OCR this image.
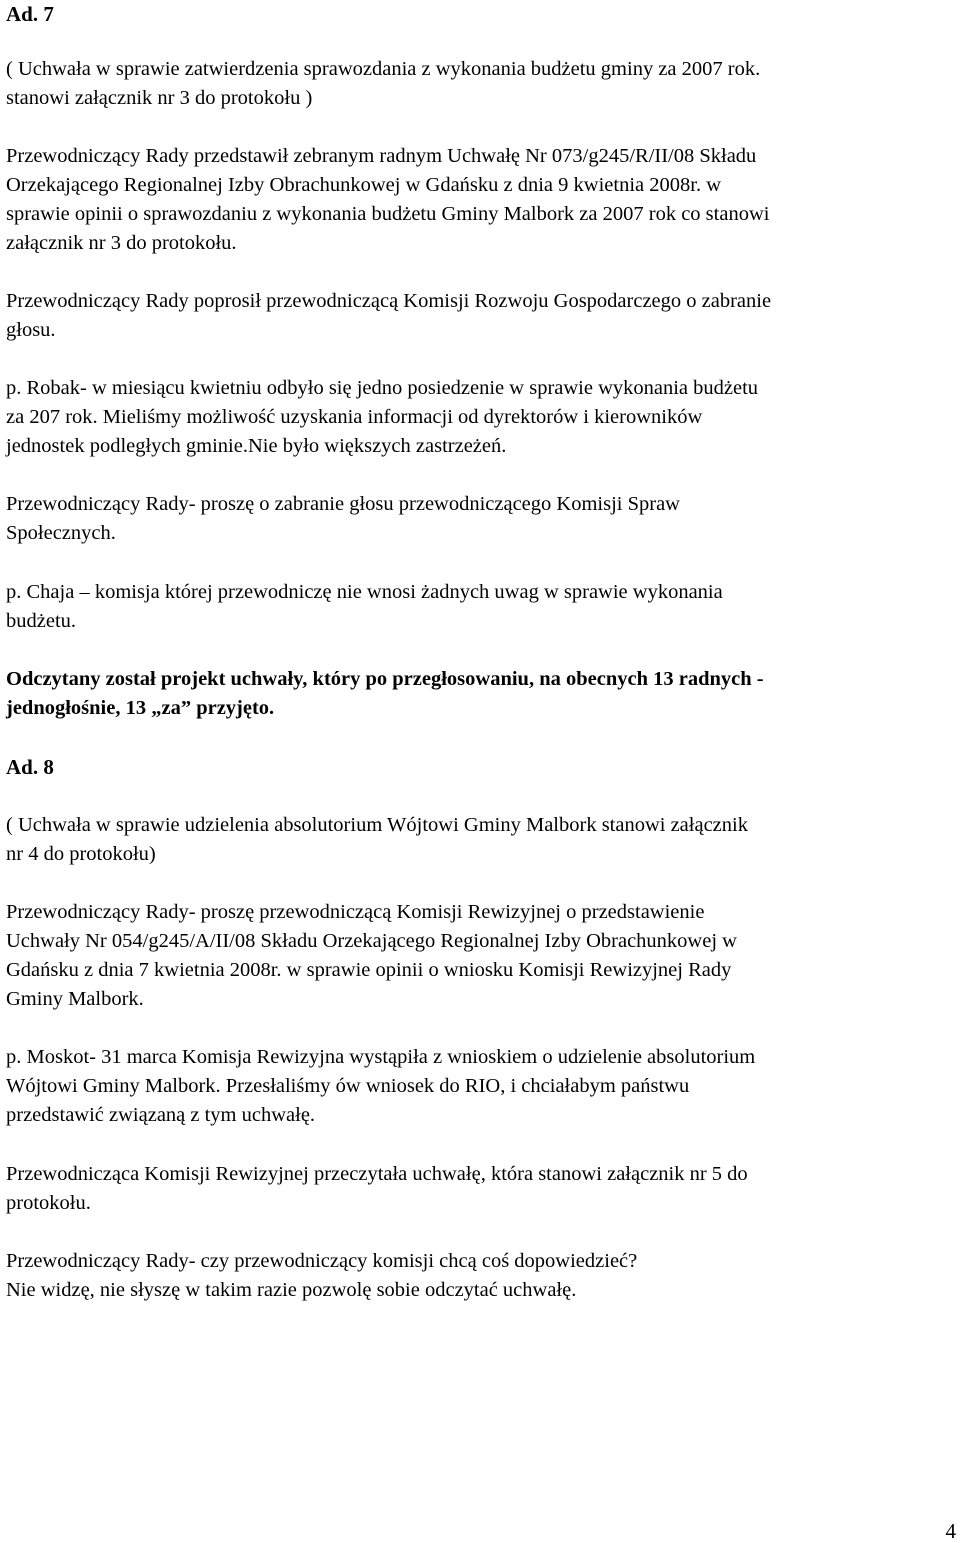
Ad. 7
( Uchwała w sprawie zatwierdzenia sprawozdania z wykonania budżetu gminy za 2007 rok.
stanowi załącznik nr 3 do protokołu )
Przewodniczący Rady przedstawił zebranym radnym Uchwałę Nr 073/g245/R/II/08 Składu
Orzekającego Regionalnej Izby Obrachunkowej w Gdańsku z dnia 9 kwietnia 2008r. w
sprawie opinii o sprawozdaniu z wykonania budżetu Gminy Malbork za 2007 rok co stanowi
załącznik nr 3 do protokołu.
Przewodniczący Rady poprosił przewodniczącą Komisji Rozwoju Gospodarczego o zabranie
głosu.
p. Robak- w miesiącu kwietniu odbyło się jedno posiedzenie w sprawie wykonania budżetu
za 207 rok. Mieliśmy możliwość uzyskania informacji od dyrektorów i kierowników
jednostek podległych gminie.Nie było większych zastrzeżeń.
Przewodniczący Rady- proszę o zabranie głosu przewodniczącego Komisji Spraw
Społecznych.
p. Chaja – komisja której przewodniczę nie wnosi żadnych uwag w sprawie wykonania
budżetu.
Odczytany został projekt uchwały, który po przegłosowaniu, na obecnych 13 radnych -
jednogłośnie, 13 „za” przyjęto.
Ad. 8
( Uchwała w sprawie udzielenia absolutorium Wójtowi Gminy Malbork stanowi załącznik
nr 4 do protokołu)
Przewodniczący Rady- proszę przewodniczącą Komisji Rewizyjnej o przedstawienie
Uchwały Nr 054/g245/A/II/08 Składu Orzekającego Regionalnej Izby Obrachunkowej w
Gdańsku z dnia 7 kwietnia 2008r. w sprawie opinii o wniosku Komisji Rewizyjnej Rady
Gminy Malbork.
p. Moskot- 31 marca Komisja Rewizyjna wystąpiła z wnioskiem o udzielenie absolutorium
Wójtowi Gminy Malbork. Przesłaliśmy ów wniosek do RIO, i chciałabym państwu
przedstawić związaną z tym uchwałę.
Przewodnicząca Komisji Rewizyjnej przeczytała uchwałę, która stanowi załącznik nr 5 do
protokołu.
Przewodniczący Rady- czy przewodniczący komisji chcą coś dopowiedzieć?
Nie widzę, nie słyszę w takim razie pozwolę sobie odczytać uchwałę.
4
